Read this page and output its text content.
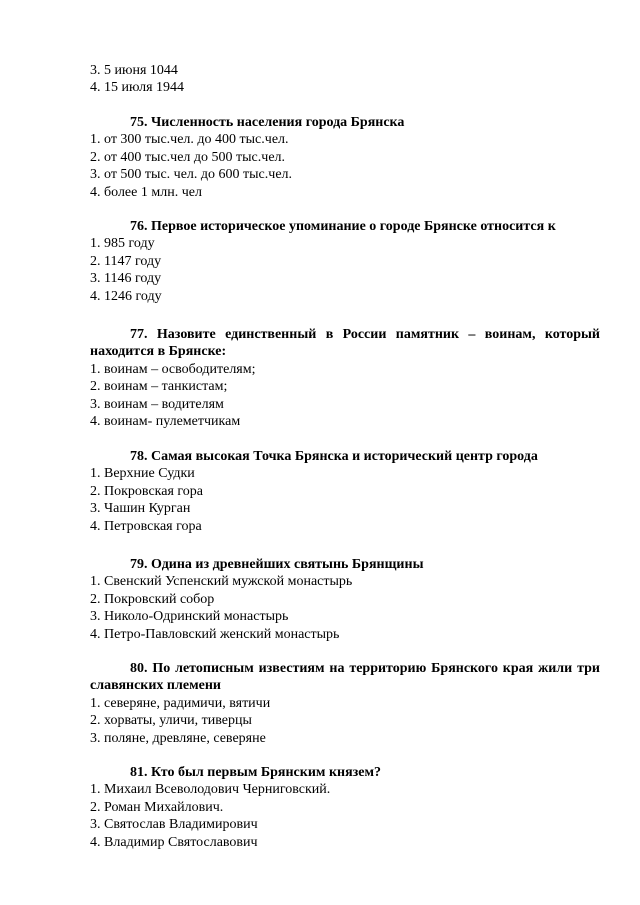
3. 5 июня 1044
4. 15 июля 1944
75. Численность населения города Брянска
1. от 300 тыс.чел. до 400 тыс.чел.
2. от 400 тыс.чел до 500 тыс.чел.
3. от 500 тыс. чел. до 600 тыс.чел.
4. более 1 млн. чел
76. Первое историческое упоминание о городе Брянске относится к
1. 985 году
2. 1147 году
3. 1146 году
4. 1246 году
77. Назовите единственный в России памятник – воинам, который находится в Брянске:
1. воинам – освободителям;
2. воинам – танкистам;
3. воинам – водителям
4. воинам- пулеметчикам
78. Самая высокая Точка Брянска и исторический центр города
1. Верхние Судки
2. Покровская гора
3. Чашин Курган
4. Петровская гора
79. Одина из древнейших святынь Брянщины
1. Свенский Успенский мужской монастырь
2. Покровский собор
3. Николо-Одринский монастырь
4. Петро-Павловский женский монастырь
80. По летописным известиям на территорию Брянского края жили три славянских племени
1. северяне, радимичи, вятичи
2. хорваты, уличи, тиверцы
3. поляне, древляне, северяне
81. Кто был первым Брянским князем?
1. Михаил Всеволодович Черниговский.
2. Роман Михайлович.
3. Святослав Владимирович
4. Владимир Святославович
